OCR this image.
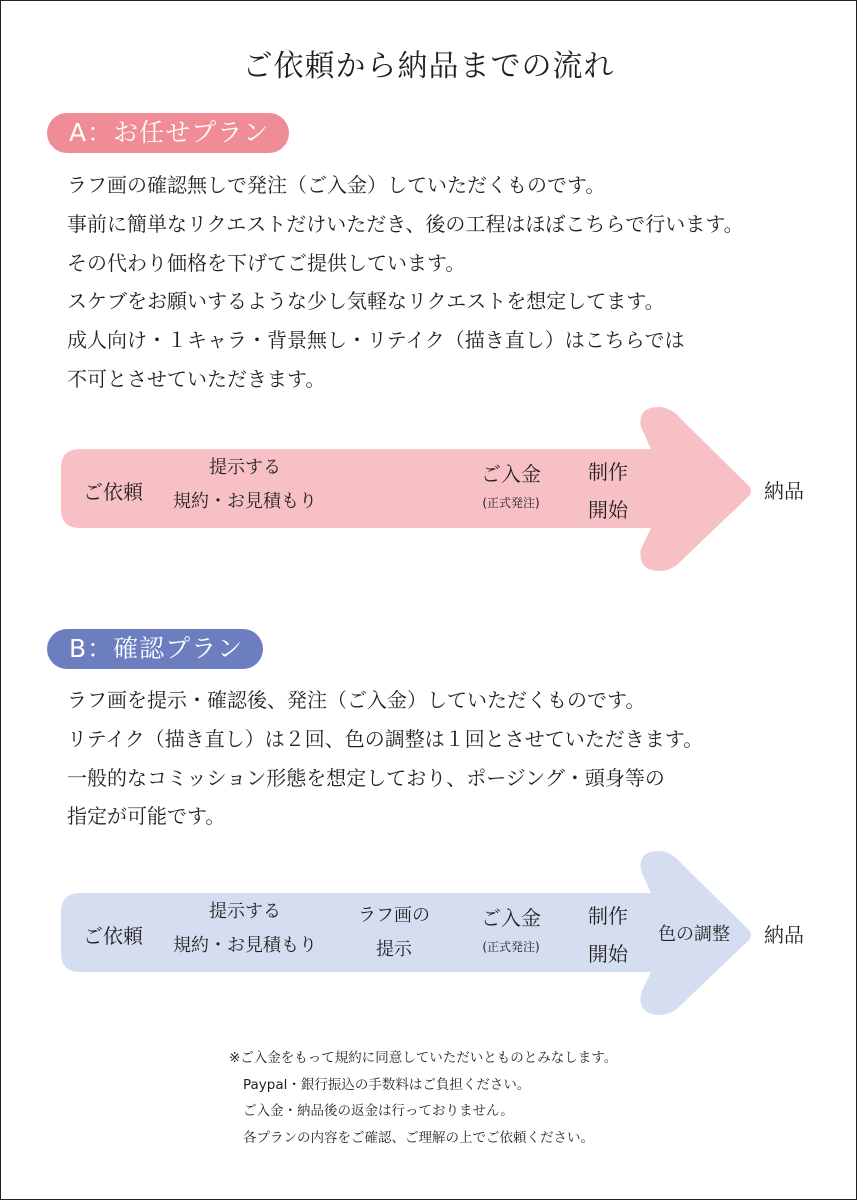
ご依頼から納品までの流れ
A：お任せプラン
ラフ画の確認無しで発注（ご入金）していただくものです。
事前に簡単なリクエストだけいただき、後の工程はほぼこちらで行います。
その代わり価格を下げてご提供しています。
スケブをお願いするような少し気軽なリクエストを想定してます。
成人向け・１キャラ・背景無し・リテイク（描き直し）はこちらでは
不可とさせていただきます。
ご依頼
提示する
規約・お見積もり
ご入金
(正式発注)
制作
開始
納品
B：確認プラン
ラフ画を提示・確認後、発注（ご入金）していただくものです。
リテイク（描き直し）は２回、色の調整は１回とさせていただきます。
一般的なコミッション形態を想定しており、ポージング・頭身等の
指定が可能です。
ご依頼
提示する
規約・お見積もり
ラフ画の
提示
ご入金
(正式発注)
制作
開始
色の調整 納品
※ご入金をもって規約に同意していただいとものとみなします。
Paypal・銀行振込の手数料はご負担ください。
ご入金・納品後の返金は行っておりません。
各プランの内容をご確認、ご理解の上でご依頼ください。
